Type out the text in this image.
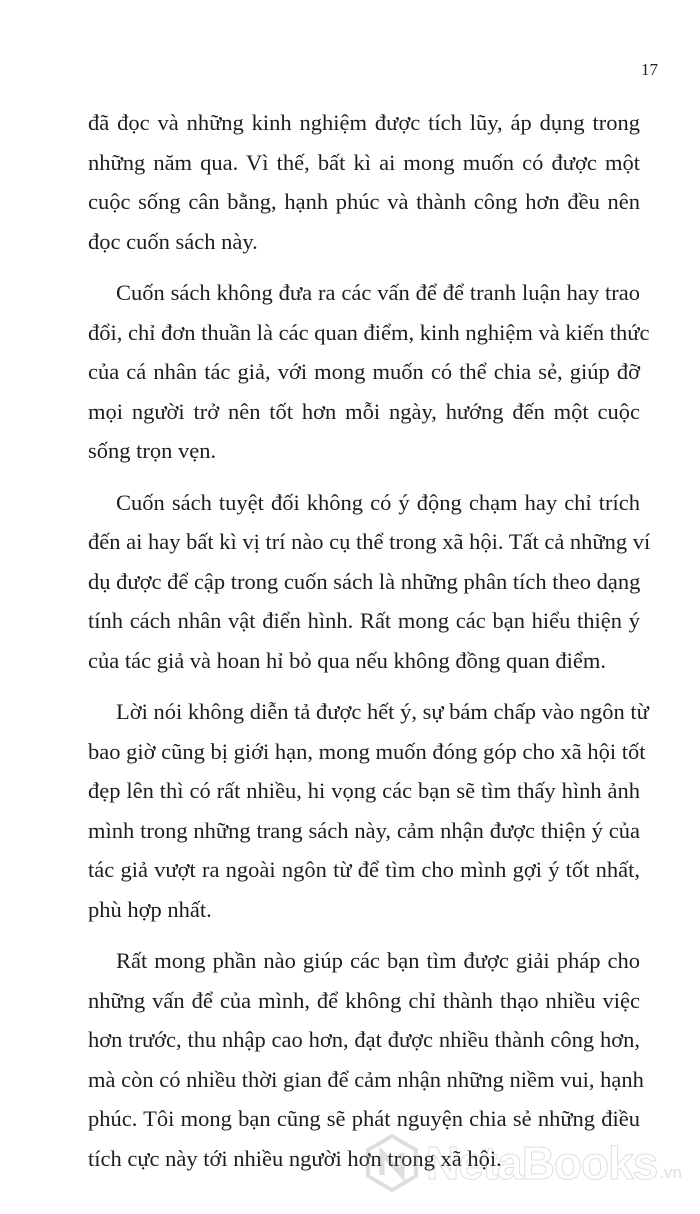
17

đã đọc và những kinh nghiệm được tích lũy, áp dụng trong
những năm qua. Vì thế, bất kì ai mong muốn có được một
cuộc sống cân bằng, hạnh phúc và thành công hơn đều nên
đọc cuốn sách này.

Cuốn sách không đưa ra các vấn để để tranh luận hay trao
đổi, chỉ đơn thuần là các quan điểm, kinh nghiệm và kiến thức
của cá nhân tác giả, với mong muốn có thể chia sẻ, giúp đỡ
mọi người trở nên tốt hơn mỗi ngày, hướng đến một cuộc
sống trọn vẹn.

Cuốn sách tuyệt đối không có ý động chạm hay chỉ trích
đến ai hay bất kì vị trí nào cụ thể trong xã hội. Tất cả những ví
dụ được để cập trong cuốn sách là những phân tích theo dạng
tính cách nhân vật điển hình. Rất mong các bạn hiểu thiện ý
của tác giả và hoan hỉ bỏ qua nếu không đồng quan điểm.

Lời nói không diễn tả được hết ý, sự bám chấp vào ngôn từ
bao giờ cũng bị giới hạn, mong muốn đóng góp cho xã hội tốt
đẹp lên thì có rất nhiều, hi vọng các bạn sẽ tìm thấy hình ảnh
mình trong những trang sách này, cảm nhận được thiện ý của
tác giả vượt ra ngoài ngôn từ để tìm cho mình gợi ý tốt nhất,
phù hợp nhất.

Rất mong phần nào giúp các bạn tìm được giải pháp cho
những vấn để của mình, để không chỉ thành thạo nhiều việc
hơn trước, thu nhập cao hơn, đạt được nhiều thành công hơn,
mà còn có nhiều thời gian để cảm nhận những niềm vui, hạnh
phúc. Tôi mong bạn cũng sẽ phát nguyện chia sẻ những điều
tích cực này tới nhiều người hơn trong xã hội.

NetaBooks .vn
